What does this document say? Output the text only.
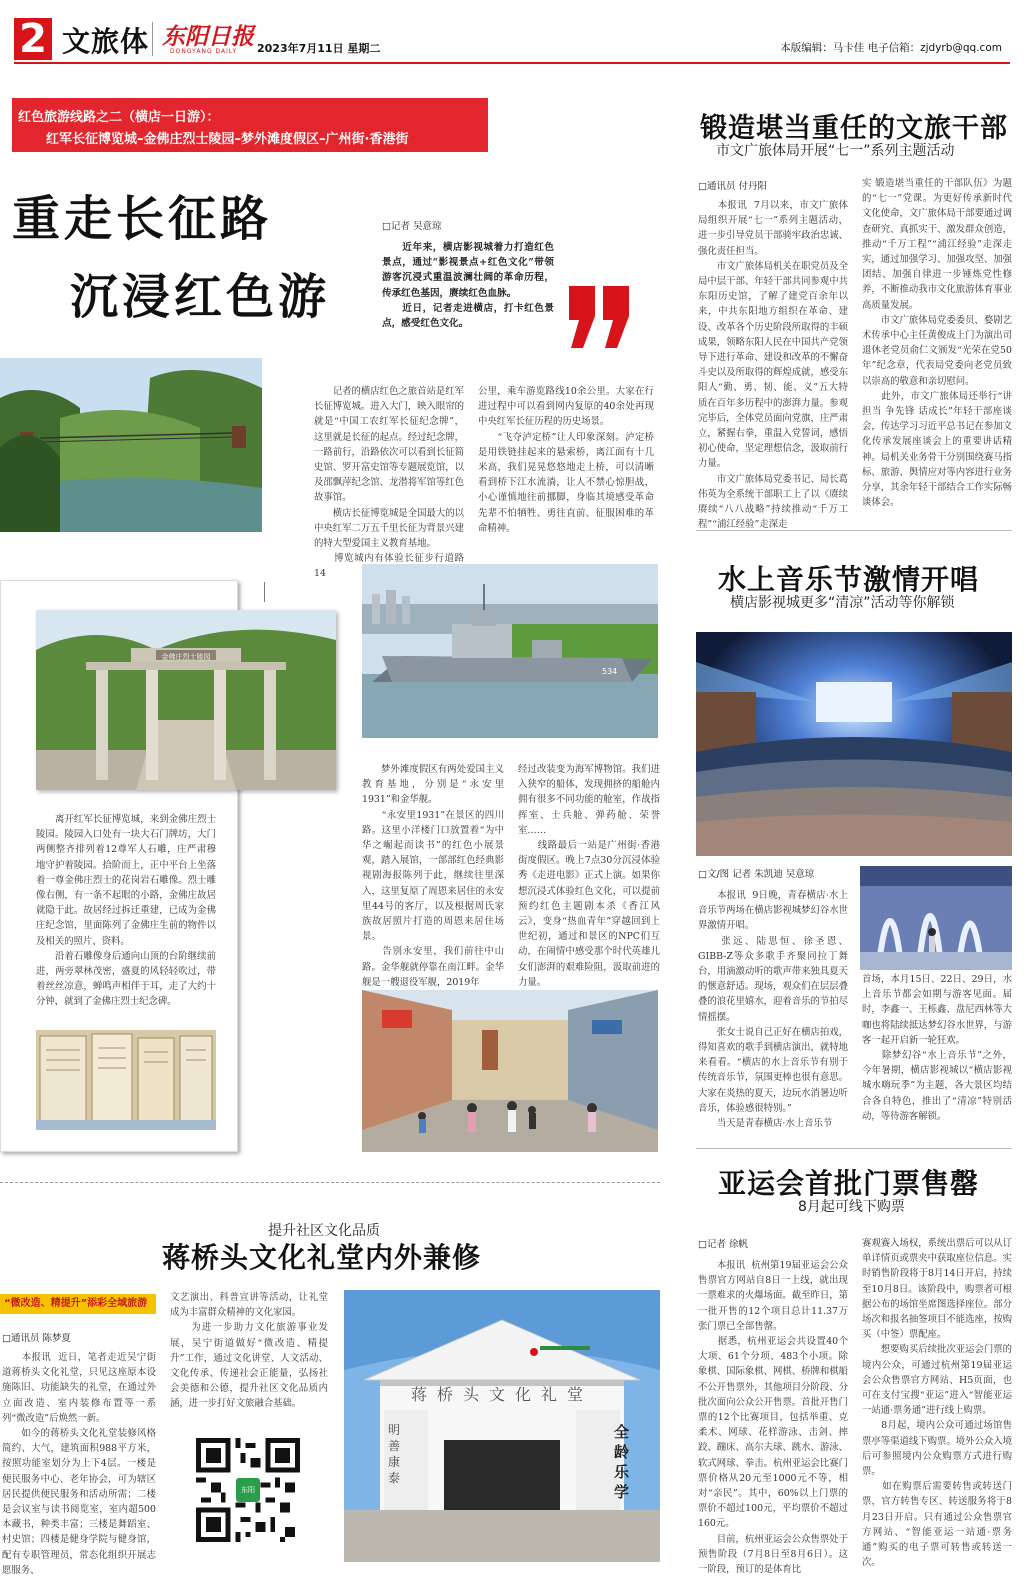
2 文旅体 东阳日报
DONGYANG DAILY 2023年7月11日 星期二	本版编辑：马卡佳 电子信箱：zjdyrb@qq.com
红色旅游线路之二（横店一日游）：
红军长征博览城–金佛庄烈士陵园–梦外滩度假区–广州街·香港街
重走长征路
沉浸红色游
□记者 吴意琼
　　近年来，横店影视城着力打造红色景点，通过“影视景点+红色文化”带领游客沉浸式重温波澜壮阔的革命历程，传承红色基因，赓续红色血脉。
　　近日，记者走进横店，打卡红色景点，感受红色文化。
　　记者的横店红色之旅首站是红军长征博览城。进入大门，映入眼帘的就是“中国工农红军长征纪念牌”，这里就是长征的起点。经过纪念牌，一路前行，沿路依次可以看到长征简史馆、罗开富史馆等专题展览馆，以及邵飘萍纪念馆、龙潜将军馆等红色故事馆。
　　横店长征博览城是全国最大的以中央红军二万五千里长征为背景兴建的特大型爱国主义教育基地。
　　博览城内有体验长征步行道路14
公里，乘车游览路线10余公里。大家在行进过程中可以看到网内复原的40余处再现中央红军长征历程的历史场景。
　　“飞夺泸定桥”让人印象深刻。泸定桥是用铁链挂起来的悬索桥，离江面有十几米高，我们晃晃悠悠地走上桥，可以清晰看到桥下江水流淌，让人不禁心惊胆战，小心谨慎地往前挪脚，身临其境感受革命先辈不怕牺牲、勇往直前、征服困难的革命精神。
锻造堪当重任的文旅干部
市文广旅体局开展“七一”系列主题活动
□通讯员 付丹阳
　　本报讯  7月以来，市文广旅体局组织开展“七一”系列主题活动，进一步引导党员干部骑牢政治忠诚、强化责任担当。
　　市文广旅体局机关在职党员及全局中层干部、年轻干部共同参观中共东阳历史馆，了解了建党百余年以来，中共东阳地方组织在革命、建设、改革各个历史阶段所取得的丰硕成果，领略东阳人民在中国共产党领导下进行革命、建设和改革的不懈奋斗史以及所取得的辉煌成就，感受东阳人“勤、勇、韧、能、义”五大特质在百年多历程中的澎湃力量。参观完毕后，全体党员面向党旗，庄严肃立，紧握右拳，重温入党誓词，感悟初心使命，坚定理想信念，汲取前行力量。
　　市文广旅体局党委书记、局长葛伟英为全系统干部职工上了以《赓续赓续“八八战略”持续推动“千万工程”“浦江经验”走深走
实 锻造堪当重任的干部队伍》为题的“七一”党课。为更好传承新时代文化使命，文广旅体局干部要通过调查研究、真抓实干、激发群众创造，推动“千万工程”“浦江经验”走深走实，通过加强学习、加强攻坚、加强团结、加强自律进一步锤炼党性修养，不断推动我市文化旅游体育事业高质量发展。
　　市文广旅体局党委委员、婺剧艺术传承中心主任黄俊成上门为演出司退休老党员俞仁文颁发“光荣在党50年”纪念章，代表局党委向老党员致以崇高的敬意和亲切慰问。
　　此外，市文广旅体局还举行“讲担当 争先锋 话成长”年轻干部座谈会，传达学习习近平总书记在参加文化传承发展座谈会上的重要讲话精神。局机关业务骨干分别围绕赛马指标、旅游、舆情应对等内容进行业务分享，其余年轻干部结合工作实际畅谈体会。
金佛庄烈士陵园
　　离开红军长征博览城，来到金佛庄烈士陵园。陵园入口处有一块大石门牌坊，大门两侧整齐排列着12尊军人石雕，庄严肃穆地守护着陵园。拾阶而上，正中平台上坐落着一尊金佛庄烈士的花岗岩石雕像。烈士雕像右侧，有一条不起眼的小路，金佛庄故居就隐于此。故居经过拆迁重建，已成为金佛庄纪念馆，里面陈列了金佛庄生前的物件以及相关的照片、资料。
　　沿着石雕像身后通向山顶的台阶继续前进，两旁翠林茂密，盛夏的风轻轻吹过，带着丝丝凉意，蝉鸣声相伴于耳，走了大约十分钟，就到了金佛庄烈士纪念碑。
534
　　梦外滩度假区有两处爱国主义教育基地，分别是“永安里1931”和金华舰。
　　“永安里1931”在景区的四川路。这里小洋楼门口放置着“为中华之崛起而读书”的红色小展景观，踏入展馆，一部部红色经典影视剧海报陈列于此，继续往里深入，这里复原了周恩来居住的永安里44号的客厅，以及根据周氏家族故居照片打造的周恩来居住场景。
　　告别永安里，我们前往中山路。金华舰就停靠在南江畔。金华舰是一艘退役军舰，2019年
经过改装变为海军博物馆。我们进入狭窄的船体，发现拥挤的船舱内拥有很多不同功能的舱室，作战指挥室、士兵舱、弹药舱、荣誉室……
　　线路最后一站是广州街·香港街度假区。晚上7点30分沉浸体验秀《走进电影》正式上演。如果你想沉浸式体验红色文化，可以提前预约红色主题剧本杀《香江风云》，变身“热血青年”穿越回到上世纪初，通过和景区的NPC们互动，在闹情中感受那个时代英雄儿女们澎湃的艰难险阻，汲取前进的力量。
水上音乐节激情开唱
横店影视城更多“清凉”活动等你解锁
□文/图 记者 朱凯迪 吴意琼
　　本报讯  9日晚，青春横店·水上音乐节两场在横店影视城梦幻谷水世界激情开唱。
　　张远、陆思恒、徐圣恩、GIBB-Z等众多歌手齐聚同拉丁舞台，用滴激动听的歌声带来独具夏天的惬意舒适。现场，观众们在层层叠叠的浪花里嬉水，迎着音乐的节拍尽情摇摆。
　　张女士说自己正好在横店拍戏，得知喜欢的歌手到横店演出，就特地来看看。“横店的水上音乐节有别于传统音乐节，氛围更棒也很有意思。大家在炎热的夏天，边玩水消暑边听音乐，体验感很特别。”
　　当天是青春横店·水上音乐节
首场，本月15日、22日、29日，水上音乐节都会如期与游客见面。届时，李鑫一、王栎鑫、盘尼西林等大咖也将陆续抵达梦幻谷水世界，与游客一起开启新一轮狂欢。
　　除梦幻谷“水上音乐节”之外，今年暑期，横店影视城以“横店影视城水嗨玩季”为主题，各大景区均结合各自特色，推出了“清凉”特别活动，等待游客解锁。
亚运会首批门票售罄
8月起可线下购票
□记者 徐帆
　　本报讯  杭州第19届亚运会公众售票官方网站自8日一上线，就出现一票难求的火爆场面。截至昨日，第一批开售的12个项目总计11.37万张门票已全部售罄。
　　据悉，杭州亚运会共设置40个大项、61个分项、483个小项。除象棋、国际象棋、网棋、桥牌和棋船不公开售票外，其他项目分阶段、分批次面向公众公开售票。首批开售门票的12个比赛项目，包括举重、克柔术、网球、花样游泳、击剑、摔跤、蹦床、高尔夫球、跳水、游泳、软式网球、拳击。杭州亚运会比赛门票价格从20元至1000元不等，相对“亲民”。其中，60%以上门票的票价不超过100元，平均票价不超过160元。
　　目前，杭州亚运会公众售票处于预售阶段（7月8日至8月6日）。这一阶段，预订的是体育比
赛观赛入场权，系统出票后可以从订单详情页或票夹中获取座位信息。实时销售阶段将于8月14日开启，持续至10月8日。该阶段中，购票者可根据公布的场馆坐席图选择座位。部分场次和报名抽签项目不能选座，按购买（中签）票配座。
　　想要购买后续批次亚运会门票的境内公众，可通过杭州第19届亚运会公众售票官方网站、H5页面，也可在支付宝搜“亚运”进入“智能亚运一站通·票务通”进行线上购票。
　　8月起，境内公众可通过场馆售票亭等渠道线下购票。境外公众入境后可参照境内公众购票方式进行购票。
　　如在购票后需要转售或转送门票，官方转售专区、转送服务将于8月23日开启。只有通过公众售票官方网站、“智能亚运一站通·票务通”购买的电子票可转售或转送一次。
提升社区文化品质
蒋桥头文化礼堂内外兼修
“微改造、精提升”添彩全域旅游
□通讯员 陈梦夏
　　本报讯  近日，笔者走近吴宁街道蒋桥头文化礼堂，只见这座原本设施陈旧、功能缺失的礼堂，在通过外立面改造、室内装修布置等一系列“微改造”后焕然一新。
　　如今的蒋桥头文化礼堂装修风格简约、大气，建筑面积988平方米，按照功能室划分为上下4层。一楼是便民服务中心、老年协会，可为辖区居民提供便民服务和活动所需；二楼是会议室与读书阅览室，室内超500本藏书，种类丰富；三楼是舞蹈室、村史馆；四楼是健身学院与健身馆，配有专职管理员，常态化组织开展志愿服务、
文艺演出、科普宣讲等活动，让礼堂成为丰富群众精神的文化家园。
　　为进一步助力文化旅游事业发展，吴宁街道做好“微改造、精提升”工作，通过文化讲堂、人文活动、文化传承、传递社会正能量，弘扬社会美德和公德，提升社区文化品质内涵，进一步打好文旅融合基础。
东阳
蒋桥头文化礼堂
明善康泰
全龄乐学
